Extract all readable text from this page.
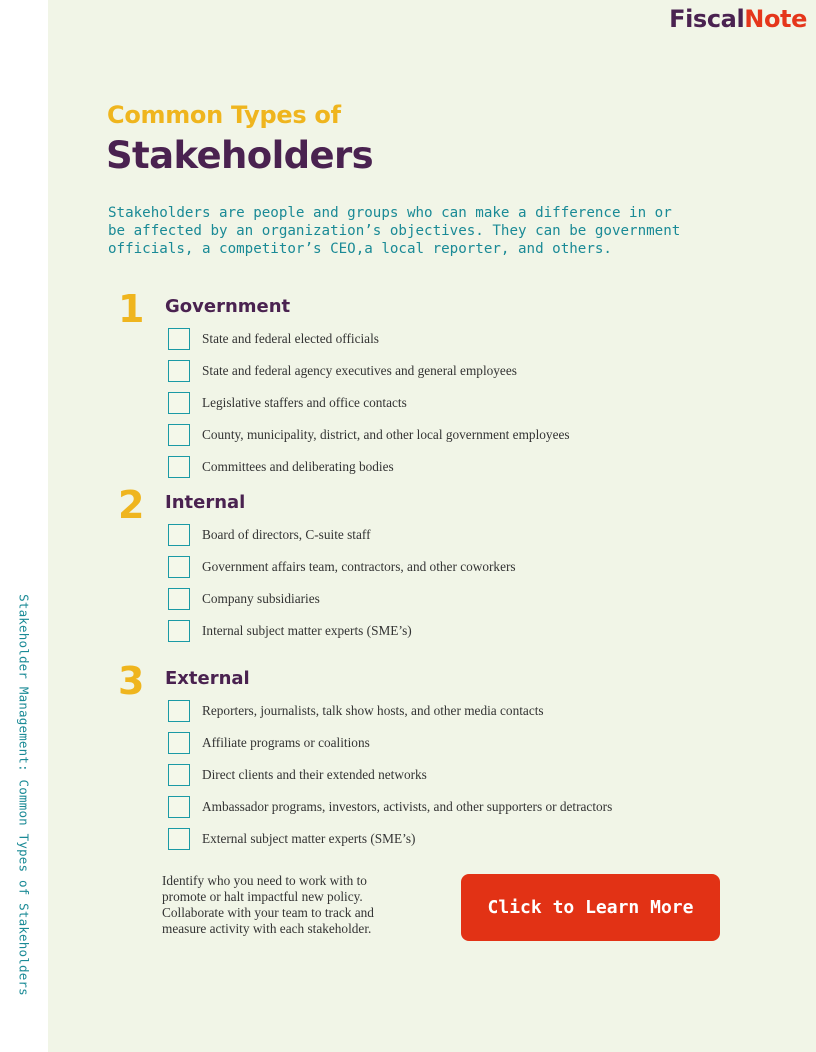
Stakeholder Management: Common Types of Stakeholders
FiscalNote
Common Types of
Stakeholders

Stakeholders are people and groups who can make a difference in or be affected by an organization’s objectives. They can be government officials, a competitor’s CEO,a local reporter, and others.

1 Government
State and federal elected officials
State and federal agency executives and general employees
Legislative staffers and office contacts
County, municipality, district, and other local government employees
Committees and deliberating bodies
2 Internal
Board of directors, C-suite staff
Government affairs team, contractors, and other coworkers
Company subsidiaries
Internal subject matter experts (SME’s)
3 External
Reporters, journalists, talk show hosts, and other media contacts
Affiliate programs or coalitions
Direct clients and their extended networks
Ambassador programs, investors, activists, and other supporters or detractors
External subject matter experts (SME’s)

Identify who you need to work with to promote or halt impactful new policy. Collaborate with your team to track and measure activity with each stakeholder.

Click to Learn More
